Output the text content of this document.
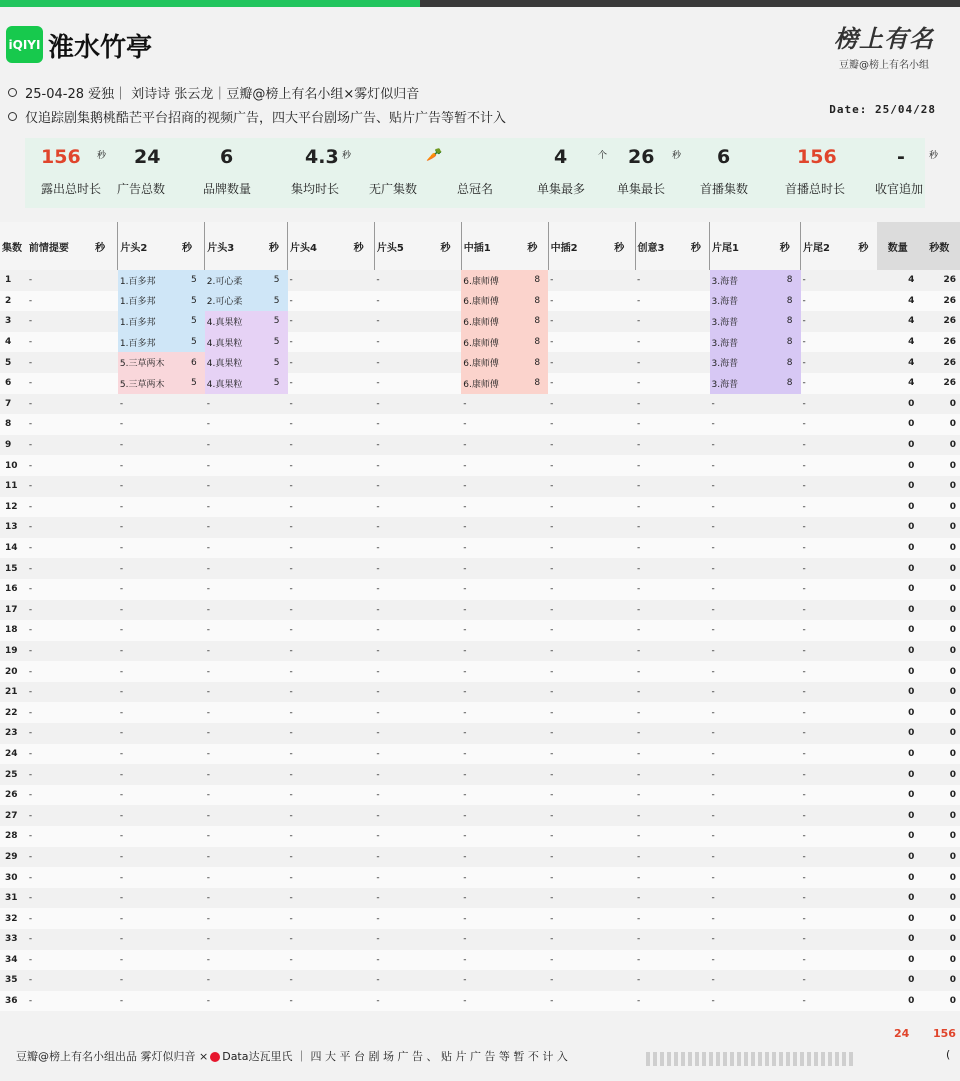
iQIYI 淮水竹亭	榜上有名
豆瓣@榜上有名小组
25-04-28 爱独｜ 刘诗诗 张云龙｜豆瓣@榜上有名小组×雾灯似归音
仅追踪剧集鹅桃酷芒平台招商的视频广告，四大平台剧场广告、贴片广告等暂不计入
Date: 25/04/28
156 秒
露出总时长
24
广告总数
6
品牌数量
4.3 秒
集均时长
🥕
无广集数	总冠名
4	个
单集最多
26 秒
单集最长
6
首播集数
156
首播总时长
-	秒
收官追加
集数	前情提要	秒	片头2	秒	片头3	秒	片头4	秒	片头5	秒	中插1	秒	中插2	秒	创意3	秒	片尾1	秒	片尾2	秒	数量	秒数
1	-		1.百多邦	5	2.可心柔	5	-		-		6.康师傅	8	-		-		3.海普	8	-		4	26
2	-		1.百多邦	5	2.可心柔	5	-		-		6.康师傅	8	-		-		3.海普	8	-		4	26
3	-		1.百多邦	5	4.真果粒	5	-		-		6.康师傅	8	-		-		3.海普	8	-		4	26
4	-		1.百多邦	5	4.真果粒	5	-		-		6.康师傅	8	-		-		3.海普	8	-		4	26
5	-		5.三草两木	6	4.真果粒	5	-		-		6.康师傅	8	-		-		3.海普	8	-		4	26
6	-		5.三草两木	5	4.真果粒	5	-		-		6.康师傅	8	-		-		3.海普	8	-		4	26
7	-		-		-		-		-		-		-		-		-		-		0	0
8	-		-		-		-		-		-		-		-		-		-		0	0
9	-		-		-		-		-		-		-		-		-		-		0	0
10	-		-		-		-		-		-		-		-		-		-		0	0
11	-		-		-		-		-		-		-		-		-		-		0	0
12	-		-		-		-		-		-		-		-		-		-		0	0
13	-		-		-		-		-		-		-		-		-		-		0	0
14	-		-		-		-		-		-		-		-		-		-		0	0
15	-		-		-		-		-		-		-		-		-		-		0	0
16	-		-		-		-		-		-		-		-		-		-		0	0
17	-		-		-		-		-		-		-		-		-		-		0	0
18	-		-		-		-		-		-		-		-		-		-		0	0
19	-		-		-		-		-		-		-		-		-		-		0	0
20	-		-		-		-		-		-		-		-		-		-		0	0
21	-		-		-		-		-		-		-		-		-		-		0	0
22	-		-		-		-		-		-		-		-		-		-		0	0
23	-		-		-		-		-		-		-		-		-		-		0	0
24	-		-		-		-		-		-		-		-		-		-		0	0
25	-		-		-		-		-		-		-		-		-		-		0	0
26	-		-		-		-		-		-		-		-		-		-		0	0
27	-		-		-		-		-		-		-		-		-		-		0	0
28	-		-		-		-		-		-		-		-		-		-		0	0
29	-		-		-		-		-		-		-		-		-		-		0	0
30	-		-		-		-		-		-		-		-		-		-		0	0
31	-		-		-		-		-		-		-		-		-		-		0	0
32	-		-		-		-		-		-		-		-		-		-		0	0
33	-		-		-		-		-		-		-		-		-		-		0	0
34	-		-		-		-		-		-		-		-		-		-		0	0
35	-		-		-		-		-		-		-		-		-		-		0	0
36	-		-		-		-		-		-		-		-		-		-		0	0
24 156
豆瓣@榜上有名小组出品 雾灯似归音 × Data达瓦里氏 ｜ 四 大 平 台 剧 场 广 告 、 贴 片 广 告 等 暂 不 计 入	(
